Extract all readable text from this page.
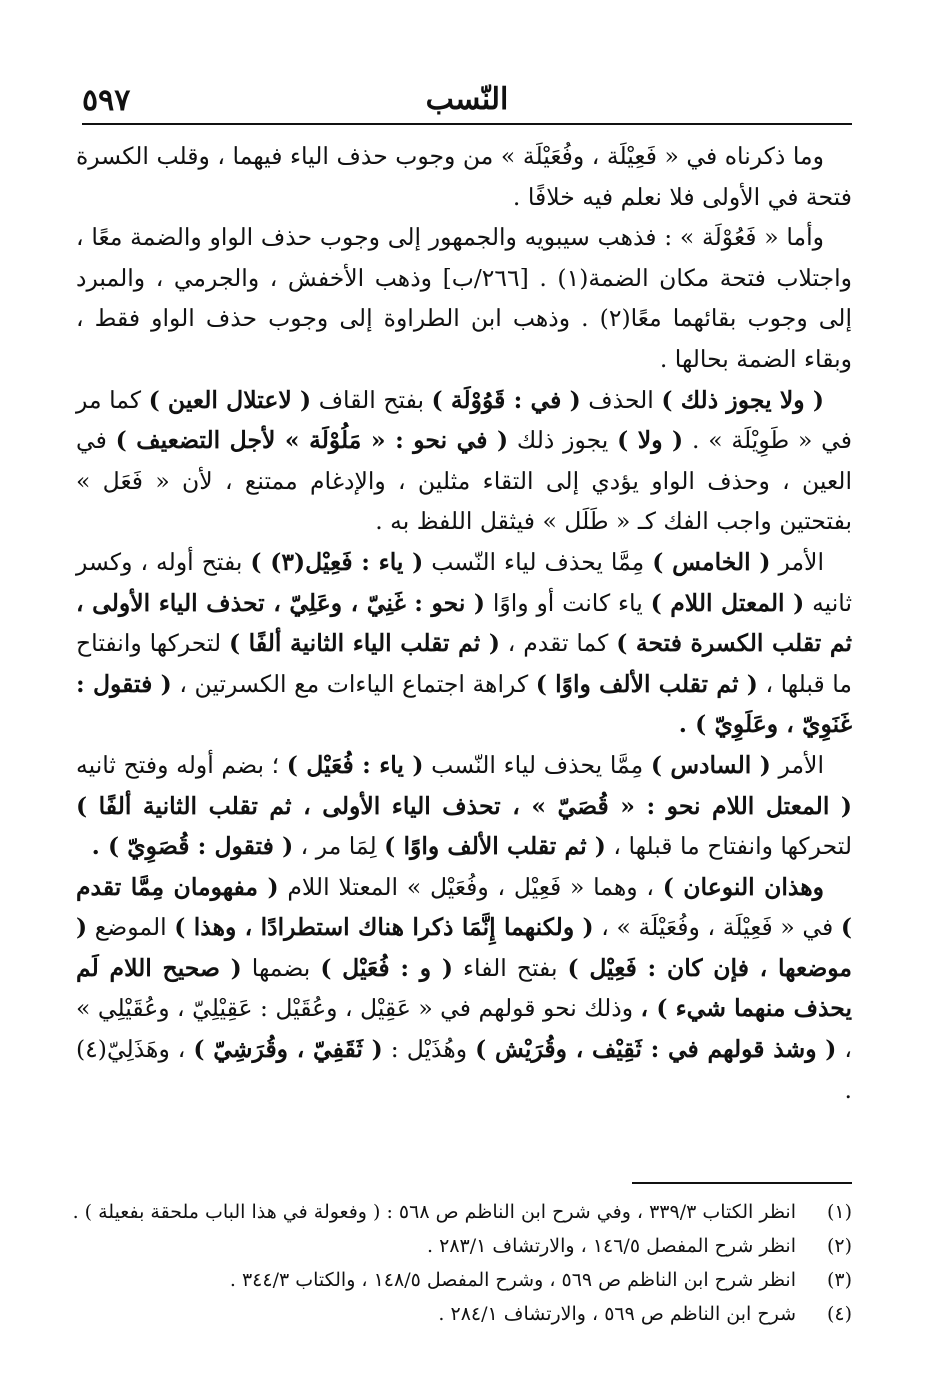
٥٩٧	النّسب

وما ذكرناه في « فَعِيْلَة ، وفُعَيْلَة » من وجوب حذف الياء فيهما ، وقلب الكسرة فتحة في الأولى فلا نعلم فيه خلافًا .

وأما « فَعُوْلَة » : فذهب سيبويه والجمهور إلى وجوب حذف الواو والضمة معًا ، واجتلاب فتحة مكان الضمة(١) . [٢٦٦/ب] وذهب الأخفش ، والجرمي ، والمبرد إلى وجوب بقائهما معًا(٢) . وذهب ابن الطراوة إلى وجوب حذف الواو فقط ، وبقاء الضمة بحالها .

( ولا يجوز ذلك ) الحذف ( في : قَوُوْلَة ) بفتح القاف ( لاعتلال العين ) كما مر في « طَوِيْلَة » . ( ولا ) يجوز ذلك ( في نحو : « مَلُوْلَة » لأجل التضعيف ) في العين ، وحذف الواو يؤدي إلى التقاء مثلين ، والإدغام ممتنع ، لأن « فَعَل » بفتحتين واجب الفك كـ « طَلَل » فيثقل اللفظ به .

الأمر ( الخامس ) مِمَّا يحذف لياء النّسب ( ياء : فَعِيْل(٣) ) بفتح أوله ، وكسر ثانيه ( المعتل اللام ) ياء كانت أو واوًا ( نحو : غَنِيّ ، وعَلِيّ ، تحذف الياء الأولى ، ثم تقلب الكسرة فتحة ) كما تقدم ، ( ثم تقلب الياء الثانية ألفًا ) لتحركها وانفتاح ما قبلها ، ( ثم تقلب الألف واوًا ) كراهة اجتماع الياءات مع الكسرتين ، ( فتقول : غَنَوِيّ ، وعَلَوِيّ ) .

الأمر ( السادس ) مِمَّا يحذف لياء النّسب ( ياء : فُعَيْل ) ؛ بضم أوله وفتح ثانيه ( المعتل اللام نحو : « قُصَيّ » ، تحذف الياء الأولى ، ثم تقلب الثانية ألفًا ) لتحركها وانفتاح ما قبلها ، ( ثم تقلب الألف واوًا ) لِمَا مر ، ( فتقول : قُصَوِيّ ) .

وهذان النوعان ) ، وهما « فَعِيْل ، وفُعَيْل » المعتلا اللام ( مفهومان مِمَّا تقدم ) في « فَعِيْلَة ، وفُعَيْلَة » ، ( ولكنهما إِنَّمَا ذكرا هناك استطرادًا ، وهذا ) الموضع ( موضعها ، فإن كان : فَعِيْل ) بفتح الفاء ( و : فُعَيْل ) بضمها ( صحيح اللام لَم يحذف منهما شيء ) ، وذلك نحو قولهم في « عَقِيْل ، وعُقَيْل : عَقِيْلِيّ ، وعُقَيْلِي » ، ( وشذ قولهم في : ثَقِيْف ، وقُرَيْش ) وهُذَيْل : ( ثَقَفِيّ ، وقُرَشِيّ ) ، وهَذَلِيّ(٤) .

(١)
انظر الكتاب ٣٣٩/٣ ، وفي شرح ابن الناظم ص ٥٦٨ : ( وفعولة في هذا الباب ملحقة بفعيلة ) .
(٢)
انظر شرح المفصل ١٤٦/٥ ، والارتشاف ٢٨٣/١ .
(٣)
انظر شرح ابن الناظم ص ٥٦٩ ، وشرح المفصل ١٤٨/٥ ، والكتاب ٣٤٤/٣ .
(٤)
شرح ابن الناظم ص ٥٦٩ ، والارتشاف ٢٨٤/١ .
